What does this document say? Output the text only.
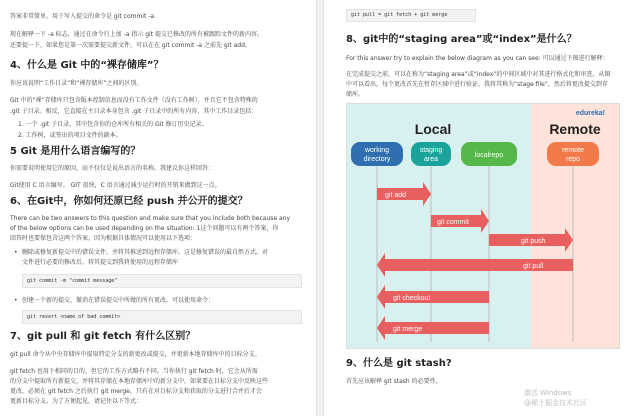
答案非常简单，用于写入提交的命令是 git commit -a.
现在解释一下 -a 标志，通过在命令行上加 -a 指示 git 提交已修改的所有被跟踪文件的新内容。
还要提一下，如果您是第一次需要提交新文件，可以在在 git commit -a 之前先 git add。
4、什么是 Git 中的“裸存储库”？
你应该说明“工作目录”和“裸存储库”之间的区别。
Git 中的“裸”存储库只包含版本控制信息而没有工作文件（没有工作树），并且它不包含特殊的
.git 子目录。相反，它直接在主目录本身包含 .git 子目录中的所有内容，其中工作目录包括：
1. 一个 .git 子目录，其中包含你的仓库所有相关的 Git 修订历史记录。
2. 工作树，或签出的项目文件的副本。
5 Git 是用什么语言编写的？
你需要说明使用它的原因，而不仅仅是说出语言的名称。我建议你这样回答：
Git使用 C 语言编写。 GIT 很快，C 语言通过减少运行时的开销来做到这一点。
6、在Git中，你如何还原已经 push 并公开的提交？
There can be two answers to this question and make sure that you include both because any
of the below options can be used depending on the situation: 1这个问题可以有两个答案，你
回答时也要保包含这两个答案，因为根据具体情况可以使用以下选项：
• 删除或修复新提交中的错误文件，并将其推送到远程存储库。这是修复错误的最自然方式。对
文件进行必要的修改后，将其提交到我将使用的远程存储库
git commit -m "commit message"
• 创建一个新的提交，撤消在错误提交中所做的所有更改。可以使用命令：
git revert <name of bad commit>
7、git pull 和 git fetch 有什么区别？
git pull 命令从中央存储库中提取特定分支的新更改或提交，并更新本地存储库中的目标分支。
git fetch 也用于相同的目的，但它的工作方式略有不同。当你执行 git fetch 时，它会从所需
的分支中提取所有新提交，并将其存储在本地存储库中的新分支中。如果要在目标分支中反映这些
更改，必须在 git fetch 之后执行 git merge。只有在对目标分支和获取的分支进行合并后才会
更新目标分支。为了方便起见，请记住以下等式：
git pull = git fetch + git merge
8、git中的“staging area”或“index”是什么？
For this answer try to explain the below diagram as you can see: 可以通过下图进行解释：
在完成提交之前，可以在称为“staging area”或“index”的中间区域中对其进行格式化和审查。从图
中可以看出，每个更改首先在暂存区域中进行验证，我将其称为“stage file”，然后将更改提交到存
储库。
edureka!
Local	Remote
working
directory
staging
area
localrepo
remote
repo
git add
git commit
git push
git pull
git checkout
git merge
9、什么是 git stash?
首先应该解释 git stash 的必要性。
激活 Windows
@稀土掘金技术社区
